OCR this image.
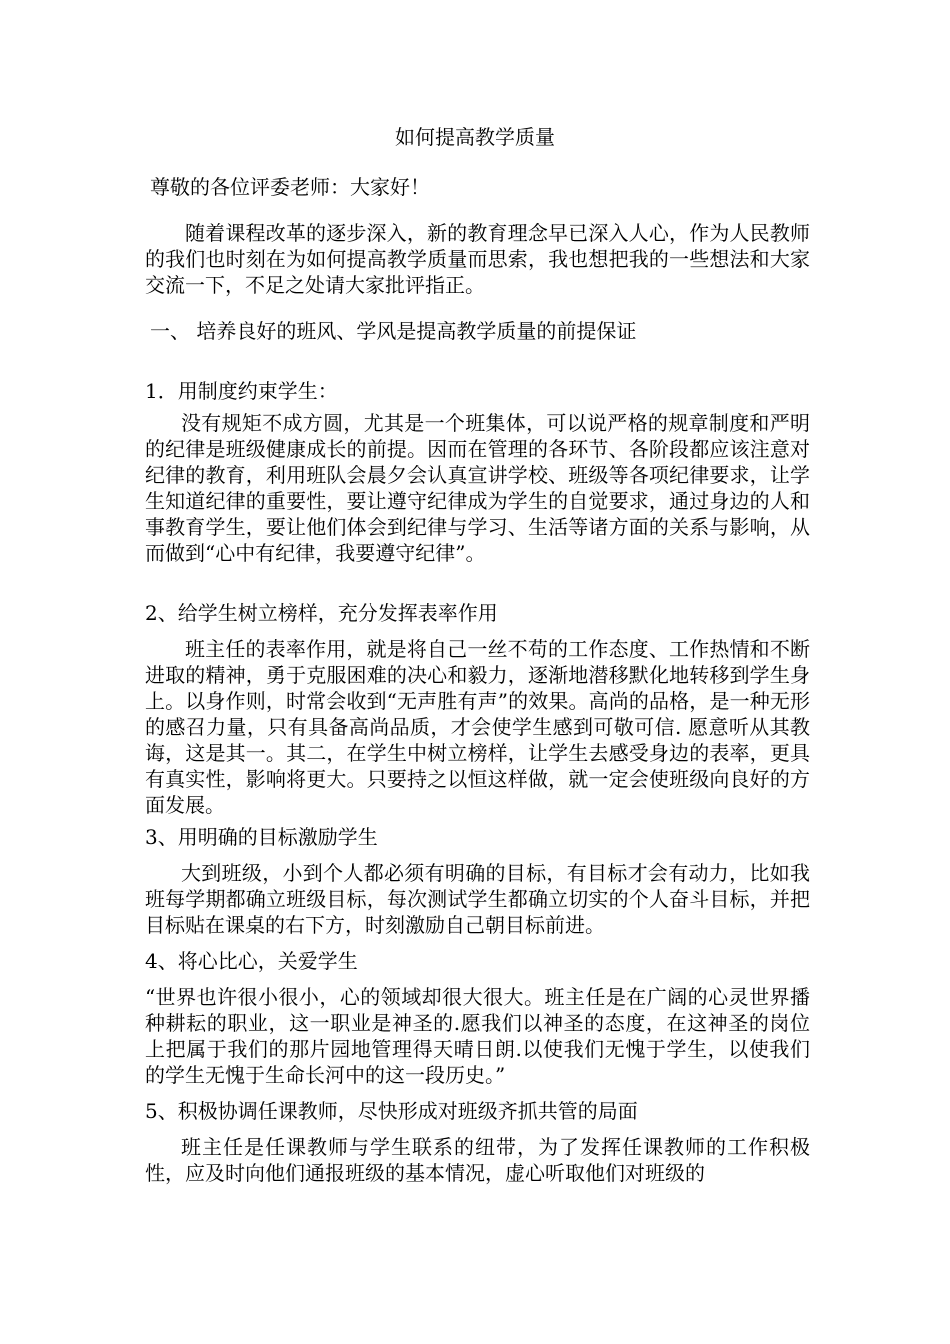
如何提高教学质量

尊敬的各位评委老师：大家好！

随着课程改革的逐步深入，新的教育理念早已深入人心，作为人民教师的我们也时刻在为如何提高教学质量而思索，我也想把我的一些想法和大家交流一下，不足之处请大家批评指正。

一、 培养良好的班风、学风是提高教学质量的前提保证

1．用制度约束学生：

没有规矩不成方圆，尤其是一个班集体，可以说严格的规章制度和严明的纪律是班级健康成长的前提。因而在管理的各环节、各阶段都应该注意对纪律的教育，利用班队会晨夕会认真宣讲学校、班级等各项纪律要求，让学生知道纪律的重要性，要让遵守纪律成为学生的自觉要求，通过身边的人和事教育学生，要让他们体会到纪律与学习、生活等诸方面的关系与影响，从而做到“心中有纪律，我要遵守纪律”。

2、给学生树立榜样，充分发挥表率作用

班主任的表率作用，就是将自己一丝不苟的工作态度、工作热情和不断进取的精神，勇于克服困难的决心和毅力，逐渐地潜移默化地转移到学生身上。以身作则，时常会收到“无声胜有声”的效果。高尚的品格，是一种无形的感召力量，只有具备高尚品质，才会使学生感到可敬可信. 愿意听从其教诲，这是其一。其二，在学生中树立榜样，让学生去感受身边的表率，更具有真实性，影响将更大。只要持之以恒这样做，就一定会使班级向良好的方面发展。

3、用明确的目标激励学生

大到班级，小到个人都必须有明确的目标，有目标才会有动力，比如我班每学期都确立班级目标，每次测试学生都确立切实的个人奋斗目标，并把目标贴在课桌的右下方，时刻激励自己朝目标前进。

4、将心比心，关爱学生

“世界也许很小很小，心的领域却很大很大。班主任是在广阔的心灵世界播种耕耘的职业，这一职业是神圣的.愿我们以神圣的态度，在这神圣的岗位上把属于我们的那片园地管理得天晴日朗.以使我们无愧于学生，以使我们的学生无愧于生命长河中的这一段历史。”

5、积极协调任课教师，尽快形成对班级齐抓共管的局面

班主任是任课教师与学生联系的纽带，为了发挥任课教师的工作积极性，应及时向他们通报班级的基本情况，虚心听取他们对班级的
